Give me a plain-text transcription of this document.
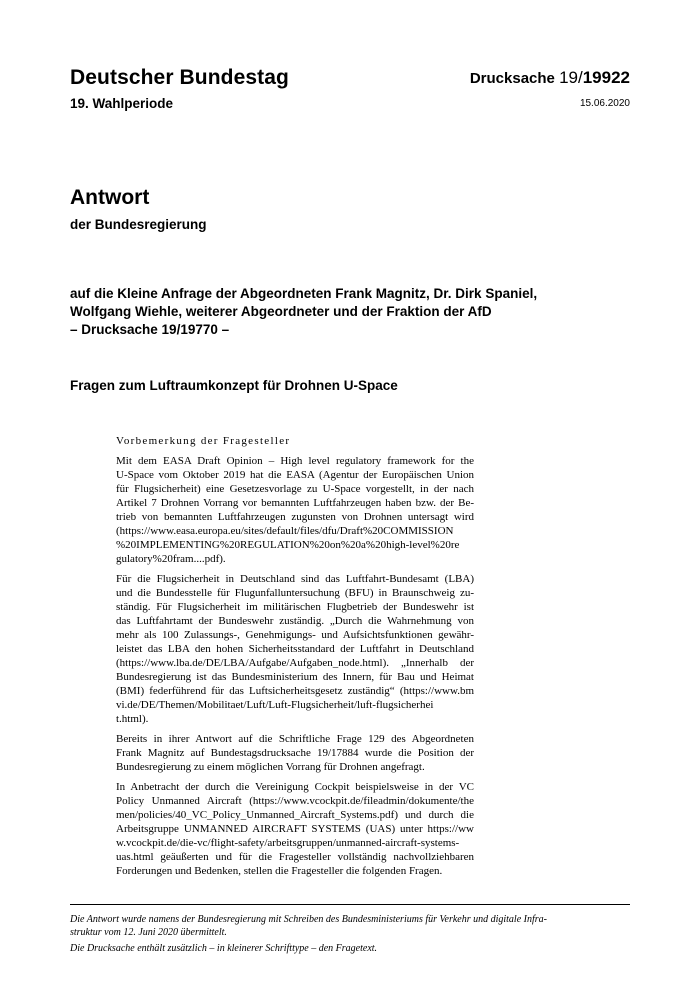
Deutscher Bundestag
19. Wahlperiode
Drucksache 19/19922
15.06.2020
Antwort
der Bundesregierung
auf die Kleine Anfrage der Abgeordneten Frank Magnitz, Dr. Dirk Spaniel,
Wolfgang Wiehle, weiterer Abgeordneter und der Fraktion der AfD
– Drucksache 19/19770 –
Fragen zum Luftraumkonzept für Drohnen U-Space
Vorbemerkung der Fragesteller
Mit dem EASA Draft Opinion – High level regulatory framework for the
U-Space vom Oktober 2019 hat die EASA (Agentur der Europäischen Union
für Flugsicherheit) eine Gesetzesvorlage zu U-Space vorgestellt, in der nach
Artikel 7 Drohnen Vorrang vor bemannten Luftfahrzeugen haben bzw. der Be-
trieb von bemannten Luftfahrzeugen zugunsten von Drohnen untersagt wird
(https://www.easa.europa.eu/sites/default/files/dfu/Draft%20COMMISSION
%20IMPLEMENTING%20REGULATION%20on%20a%20high-level%20re
gulatory%20fram....pdf).
Für die Flugsicherheit in Deutschland sind das Luftfahrt-Bundesamt (LBA)
und die Bundesstelle für Flugunfalluntersuchung (BFU) in Braunschweig zu-
ständig. Für Flugsicherheit im militärischen Flugbetrieb der Bundeswehr ist
das Luftfahrtamt der Bundeswehr zuständig. „Durch die Wahrnehmung von
mehr als 100 Zulassungs-, Genehmigungs- und Aufsichtsfunktionen gewähr-
leistet das LBA den hohen Sicherheitsstandard der Luftfahrt in Deutschland
(https://www.lba.de/DE/LBA/Aufgabe/Aufgaben_node.html). „Innerhalb der
Bundesregierung ist das Bundesministerium des Innern, für Bau und Heimat
(BMI) federführend für das Luftsicherheitsgesetz zuständig“ (https://www.bm
vi.de/DE/Themen/Mobilitaet/Luft/Luft-Flugsicherheit/luft-flugsicherhei
t.html).
Bereits in ihrer Antwort auf die Schriftliche Frage 129 des Abgeordneten
Frank Magnitz auf Bundestagsdrucksache 19/17884 wurde die Position der
Bundesregierung zu einem möglichen Vorrang für Drohnen angefragt.
In Anbetracht der durch die Vereinigung Cockpit beispielsweise in der VC
Policy Unmanned Aircraft (https://www.vcockpit.de/fileadmin/dokumente/the
men/policies/40_VC_Policy_Unmanned_Aircraft_Systems.pdf) und durch die
Arbeitsgruppe UNMANNED AIRCRAFT SYSTEMS (UAS) unter https://ww
w.vcockpit.de/die-vc/flight-safety/arbeitsgruppen/unmanned-aircraft-systems-
uas.html geäußerten und für die Fragesteller vollständig nachvollziehbaren
Forderungen und Bedenken, stellen die Fragesteller die folgenden Fragen.
Die Antwort wurde namens der Bundesregierung mit Schreiben des Bundesministeriums für Verkehr und digitale Infra-
struktur vom 12. Juni 2020 übermittelt.
Die Drucksache enthält zusätzlich – in kleinerer Schrifttype – den Fragetext.
